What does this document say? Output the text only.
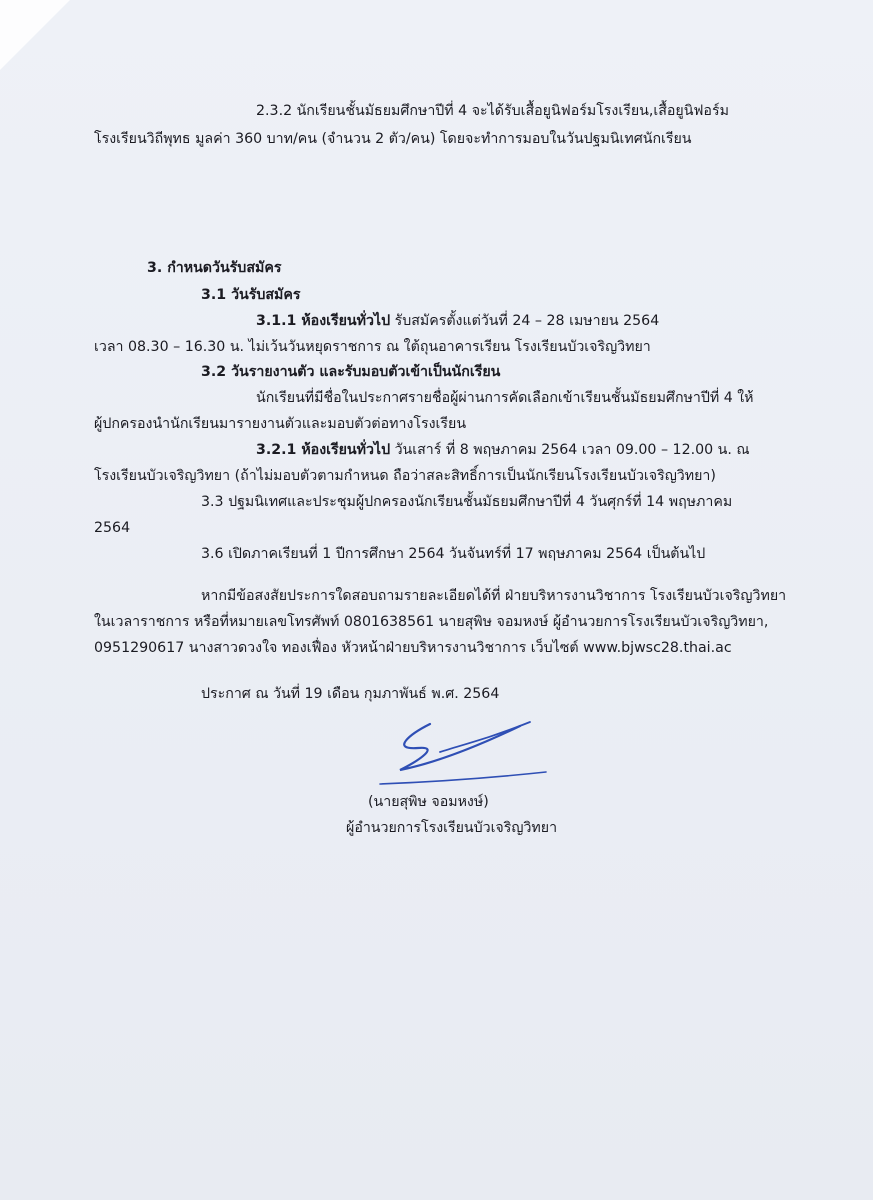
2.3.2 นักเรียนชั้นมัธยมศึกษาปีที่ 4 จะได้รับเสื้อยูนิฟอร์มโรงเรียน,เสื้อยูนิฟอร์ม
โรงเรียนวิถีพุทธ มูลค่า 360 บาท/คน (จำนวน 2 ตัว/คน) โดยจะทำการมอบในวันปฐมนิเทศนักเรียน
3. กำหนดวันรับสมัคร
3.1 วันรับสมัคร
3.1.1 ห้องเรียนทั่วไป รับสมัครตั้งแต่วันที่ 24 – 28 เมษายน 2564
เวลา 08.30 – 16.30 น. ไม่เว้นวันหยุดราชการ ณ ใต้ถุนอาคารเรียน โรงเรียนบัวเจริญวิทยา
3.2 วันรายงานตัว และรับมอบตัวเข้าเป็นนักเรียน
นักเรียนที่มีชื่อในประกาศรายชื่อผู้ผ่านการคัดเลือกเข้าเรียนชั้นมัธยมศึกษาปีที่ 4 ให้
ผู้ปกครองนำนักเรียนมารายงานตัวและมอบตัวต่อทางโรงเรียน
3.2.1 ห้องเรียนทั่วไป วันเสาร์ ที่ 8 พฤษภาคม 2564 เวลา 09.00 – 12.00 น. ณ
โรงเรียนบัวเจริญวิทยา (ถ้าไม่มอบตัวตามกำหนด ถือว่าสละสิทธิ์การเป็นนักเรียนโรงเรียนบัวเจริญวิทยา)
3.3 ปฐมนิเทศและประชุมผู้ปกครองนักเรียนชั้นมัธยมศึกษาปีที่ 4 วันศุกร์ที่ 14 พฤษภาคม
2564
3.6 เปิดภาคเรียนที่ 1 ปีการศึกษา 2564 วันจันทร์ที่ 17 พฤษภาคม 2564 เป็นต้นไป
หากมีข้อสงสัยประการใดสอบถามรายละเอียดได้ที่ ฝ่ายบริหารงานวิชาการ โรงเรียนบัวเจริญวิทยา
ในเวลาราชการ หรือที่หมายเลขโทรศัพท์ 0801638561 นายสุพิษ จอมหงษ์ ผู้อำนวยการโรงเรียนบัวเจริญวิทยา,
0951290617 นางสาวดวงใจ ทองเฟื่อง หัวหน้าฝ่ายบริหารงานวิชาการ เว็บไซต์ www.bjwsc28.thai.ac
ประกาศ ณ วันที่ 19 เดือน กุมภาพันธ์ พ.ศ. 2564
(นายสุพิษ จอมหงษ์)
ผู้อำนวยการโรงเรียนบัวเจริญวิทยา
